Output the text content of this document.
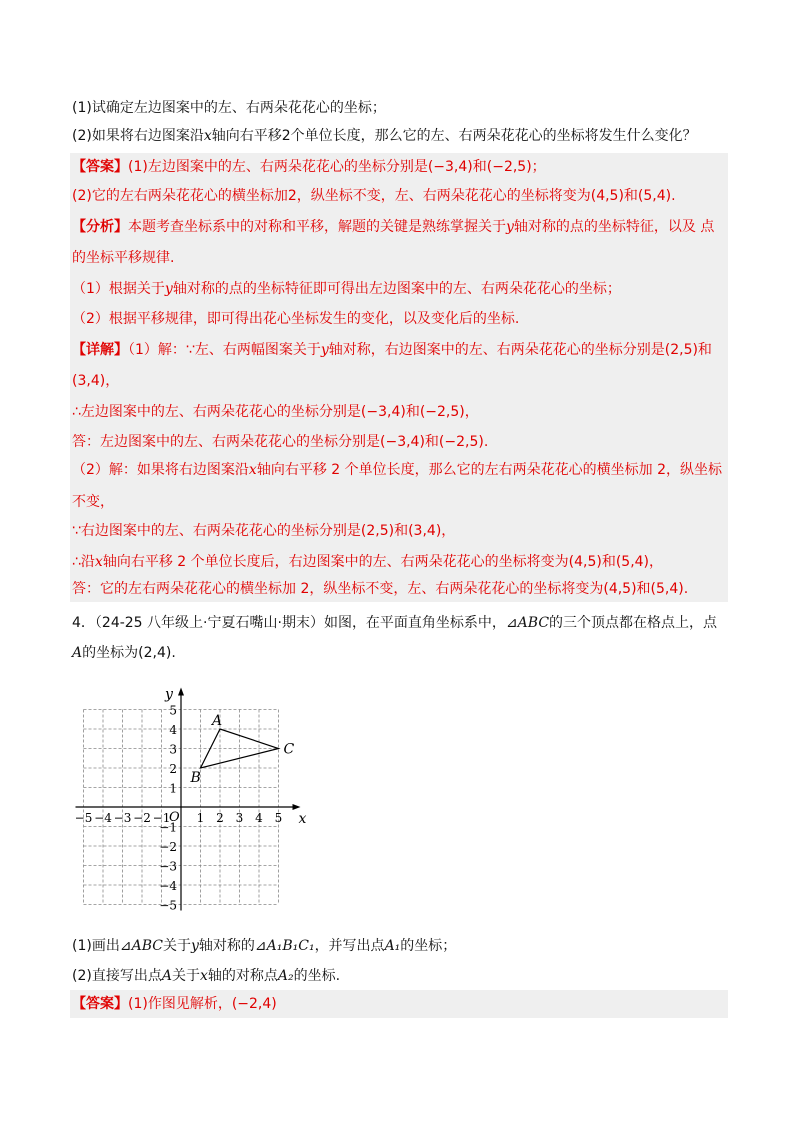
(1)试确定左边图案中的左、右两朵花花心的坐标；
(2)如果将右边图案沿x轴向右平移2个单位长度，那么它的左、右两朵花花心的坐标将发生什么变化？
【答案】(1)左边图案中的左、右两朵花花心的坐标分别是(−3,4)和(−2,5)；
(2)它的左右两朵花花心的横坐标加2，纵坐标不变，左、右两朵花花心的坐标将变为(4,5)和(5,4).
【分析】本题考查坐标系中的对称和平移，解题的关键是熟练掌握关于y轴对称的点的坐标特征，以及 点
的坐标平移规律.
（1）根据关于y轴对称的点的坐标特征即可得出左边图案中的左、右两朵花花心的坐标；
（2）根据平移规律，即可得出花心坐标发生的变化，以及变化后的坐标.
【详解】（1）解：∵左、右两幅图案关于y轴对称，右边图案中的左、右两朵花花心的坐标分别是(2,5)和
(3,4)，
∴左边图案中的左、右两朵花花心的坐标分别是(−3,4)和(−2,5)，
答：左边图案中的左、右两朵花花心的坐标分别是(−3,4)和(−2,5).
（2）解：如果将右边图案沿x轴向右平移 2 个单位长度，那么它的左右两朵花花心的横坐标加 2，纵坐标
不变，
∵右边图案中的左、右两朵花花心的坐标分别是(2,5)和(3,4)，
∴沿x轴向右平移 2 个单位长度后，右边图案中的左、右两朵花花心的坐标将变为(4,5)和(5,4)，
答：它的左右两朵花花心的横坐标加 2，纵坐标不变，左、右两朵花花心的坐标将变为(4,5)和(5,4).
4．（24-25 八年级上·宁夏石嘴山·期末）如图，在平面直角坐标系中，⊿ABC的三个顶点都在格点上，点
A的坐标为(2,4).
x
y
O
−5 −4 −3 −2 −1 1 2 3 4 5
5
4
3
2
1
−1
−2
−3
−4
−5
A
B
C
(1)画出⊿ABC关于y轴对称的⊿A₁B₁C₁，并写出点A₁的坐标；
(2)直接写出点A关于x轴的对称点A₂的坐标.
【答案】(1)作图见解析，(−2,4)
